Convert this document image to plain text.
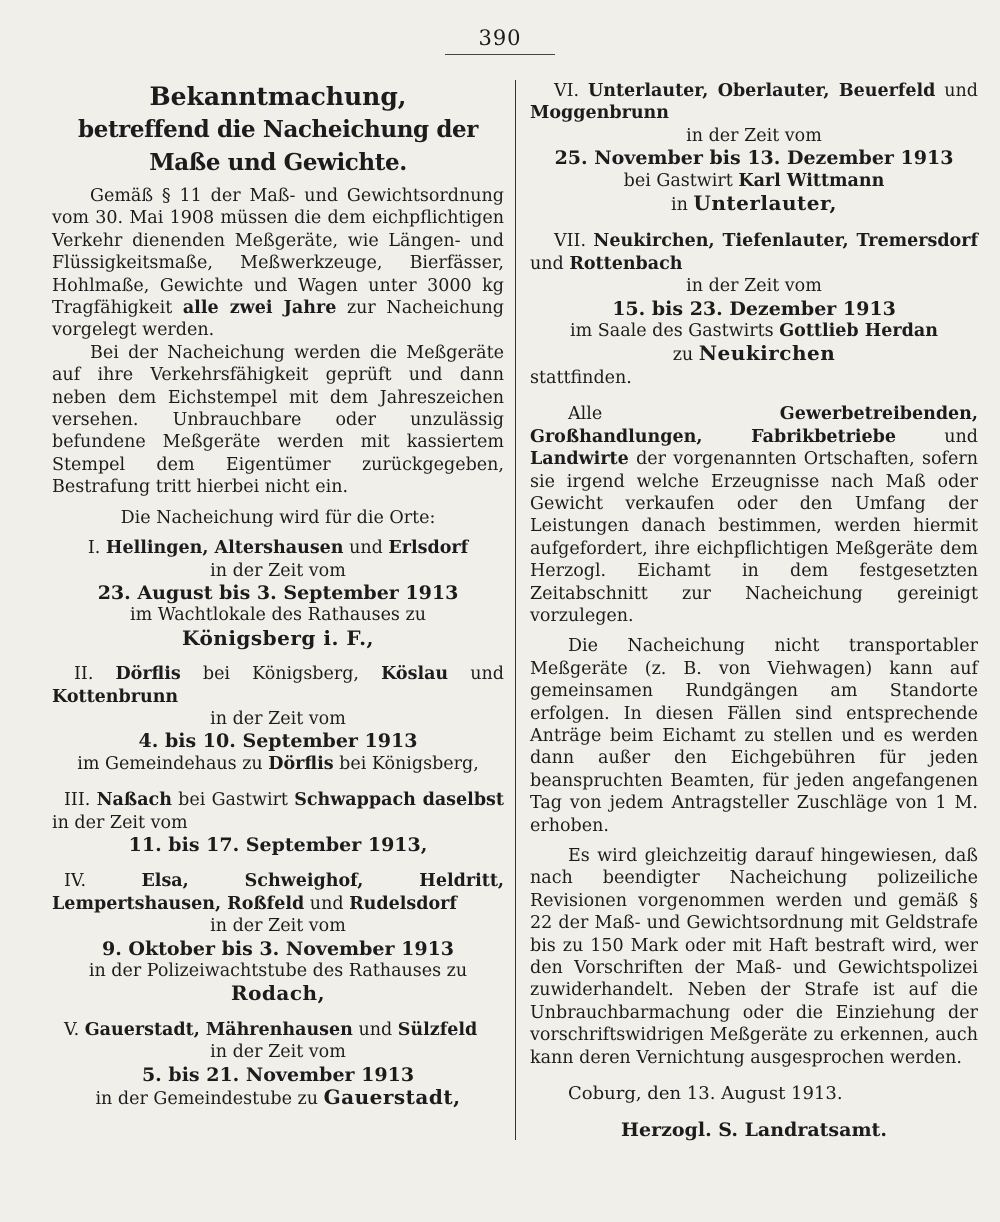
390
Bekanntmachung,
betreffend die Nacheichung der Maße und Gewichte.

Gemäß § 11 der Maß- und Gewichtsordnung vom 30. Mai 1908 müssen die dem eichpflichtigen Verkehr dienenden Meßgeräte, wie Längen- und Flüssigkeitsmaße, Meßwerkzeuge, Bierfässer, Hohlmaße, Gewichte und Wagen unter 3000 kg Tragfähigkeit alle zwei Jahre zur Nacheichung vorgelegt werden.

Bei der Nacheichung werden die Meßgeräte auf ihre Verkehrsfähigkeit geprüft und dann neben dem Eichstempel mit dem Jahreszeichen versehen. Unbrauchbare oder unzulässig befundene Meßgeräte werden mit kassiertem Stempel dem Eigentümer zurückgegeben, Bestrafung tritt hierbei nicht ein.

Die Nacheichung wird für die Orte:

I. Hellingen, Altershausen und Erlsdorf

in der Zeit vom

23. August bis 3. September 1913

im Wachtlokale des Rathauses zu

Königsberg i. F.,

II. Dörflis bei Königsberg, Köslau und Kottenbrunn

in der Zeit vom

4. bis 10. September 1913

im Gemeindehaus zu Dörflis bei Königsberg,

III. Naßach bei Gastwirt Schwappach daselbst in der Zeit vom

11. bis 17. September 1913,

IV.	Elsa, Schweighof, Heldritt, Lempertshausen, Roßfeld und Rudelsdorf

in der Zeit vom

9. Oktober bis 3. November 1913

in der Polizeiwachtstube des Rathauses zu

Rodach,

V. Gauerstadt, Mährenhausen und Sülzfeld

in der Zeit vom

5. bis 21. November 1913

in der Gemeindestube zu Gauerstadt,

VI. Unterlauter, Oberlauter, Beuerfeld und Moggenbrunn

in der Zeit vom

25. November bis 13. Dezember 1913

bei Gastwirt Karl Wittmann

in Unterlauter,

VII. Neukirchen, Tiefenlauter, Tremersdorf und Rottenbach

in der Zeit vom

15. bis 23. Dezember 1913

im Saale des Gastwirts Gottlieb Herdan

zu Neukirchen

stattfinden.

Alle	Gewerbetreibenden, Großhandlungen, Fabrikbetriebe	und Landwirte der vorgenannten Ortschaften, sofern sie irgend welche Erzeugnisse nach Maß oder Gewicht verkaufen oder den Umfang der Leistungen danach bestimmen, werden hiermit aufgefordert, ihre eichpflichtigen Meßgeräte dem Herzogl. Eichamt in dem festgesetzten Zeitabschnitt zur Nacheichung gereinigt vorzulegen.

Die Nacheichung nicht transportabler Meßgeräte (z. B. von Viehwagen) kann auf gemeinsamen Rundgängen am Standorte erfolgen. In diesen Fällen sind entsprechende Anträge beim Eichamt zu stellen und es werden dann außer den Eichgebühren für jeden beanspruchten Beamten, für jeden angefangenen Tag von jedem Antragsteller Zuschläge von 1 M. erhoben.

Es wird gleichzeitig darauf hingewiesen, daß nach beendigter Nacheichung polizeiliche Revisionen vorgenommen werden und gemäß § 22 der Maß- und Gewichtsordnung mit Geldstrafe bis zu 150 Mark oder mit Haft bestraft wird, wer den Vorschriften der Maß- und Gewichtspolizei zuwiderhandelt. Neben der Strafe ist auf die Unbrauchbarmachung oder die Einziehung der vorschriftswidrigen Meßgeräte zu erkennen, auch kann deren Vernichtung ausgesprochen werden.

Coburg, den 13. August 1913.

Herzogl. S. Landratsamt.
